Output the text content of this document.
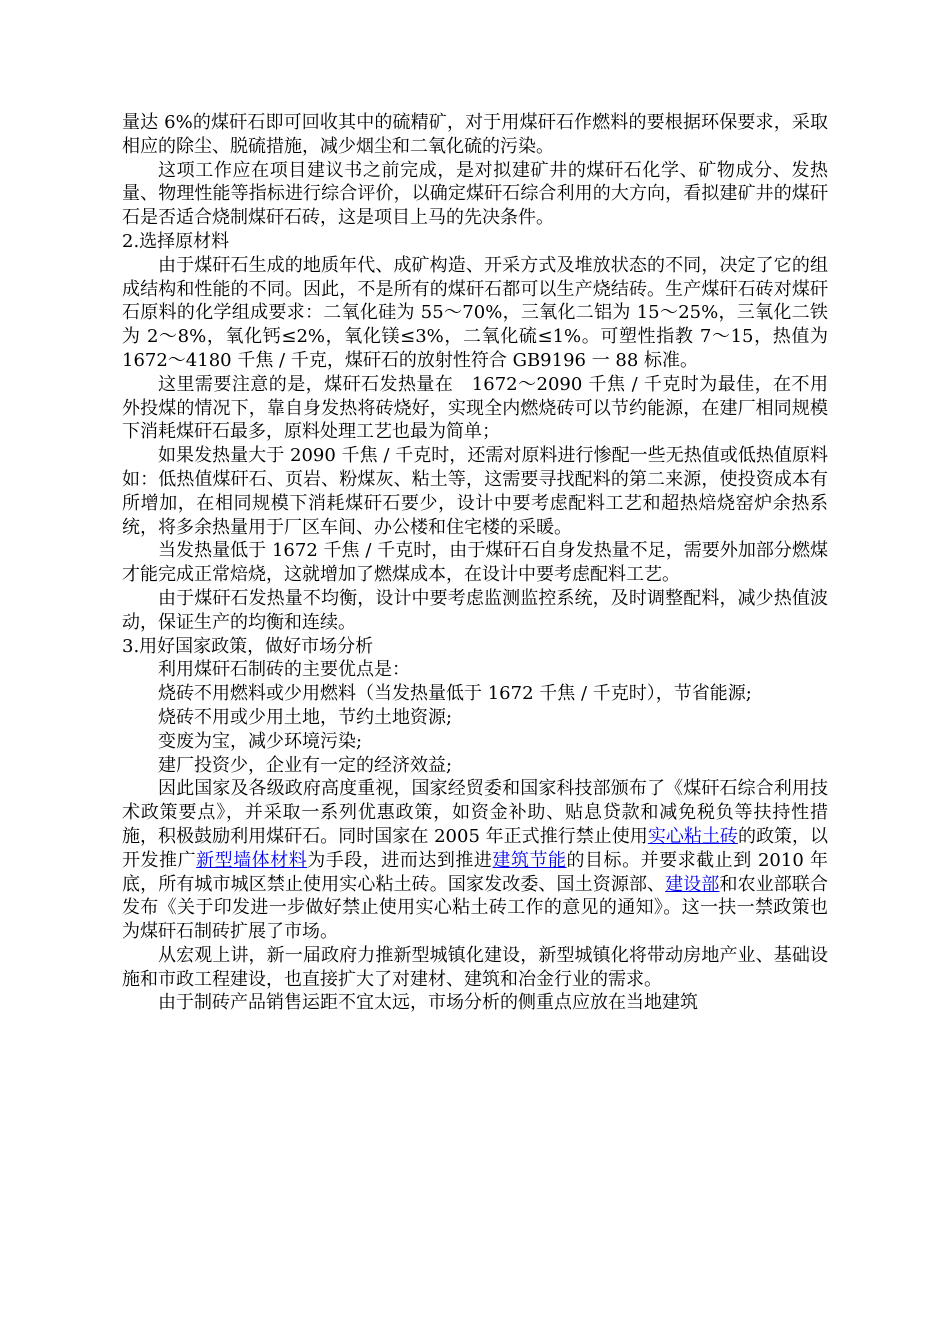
量达 6%的煤矸石即可回收其中的硫精矿，对于用煤矸石作燃料的要根据环保要求，采取相应的除尘、脱硫措施，减少烟尘和二氧化硫的污染。

这项工作应在项目建议书之前完成，是对拟建矿井的煤矸石化学、矿物成分、发热量、物理性能等指标进行综合评价，以确定煤矸石综合利用的大方向，看拟建矿井的煤矸石是否适合烧制煤矸石砖，这是项目上马的先决条件。

2.选择原材料

由于煤矸石生成的地质年代、成矿构造、开采方式及堆放状态的不同，决定了它的组成结构和性能的不同。因此，不是所有的煤矸石都可以生产烧结砖。生产煤矸石砖对煤矸石原料的化学组成要求：二氧化硅为 55～70%，三氧化二铝为 15～25%，三氧化二铁为 2～8%，氧化钙≤2%，氧化镁≤3%，二氧化硫≤1%。可塑性指教 7～15，热值为 1672～4180 千焦 / 千克，煤矸石的放射性符合 GB9196 一 88 标准。

这里需要注意的是，煤矸石发热量在　1672～2090 千焦 / 千克时为最佳，在不用外投煤的情况下，靠自身发热将砖烧好，实现全内燃烧砖可以节约能源，在建厂相同规模下消耗煤矸石最多，原料处理工艺也最为简单；

如果发热量大于 2090 千焦 / 千克时，还需对原料进行惨配一些无热值或低热值原料如：低热值煤矸石、页岩、粉煤灰、粘土等，这需要寻找配料的第二来源，使投资成本有所增加，在相同规模下消耗煤矸石要少，设计中要考虑配料工艺和超热焙烧窑炉余热系统，将多余热量用于厂区车间、办公楼和住宅楼的采暖。

当发热量低于 1672 千焦 / 千克时，由于煤矸石自身发热量不足，需要外加部分燃煤才能完成正常焙烧，这就增加了燃煤成本，在设计中要考虑配料工艺。

由于煤矸石发热量不均衡，设计中要考虑监测监控系统，及时调整配料，减少热值波动，保证生产的均衡和连续。

3.用好国家政策，做好市场分析

利用煤矸石制砖的主要优点是：

烧砖不用燃料或少用燃料（当发热量低于 1672 千焦 / 千克时），节省能源;

烧砖不用或少用土地，节约土地资源;

变废为宝，减少环境污染;

建厂投资少，企业有一定的经济效益;

因此国家及各级政府高度重视，国家经贸委和国家科技部颁布了《煤矸石综合利用技术政策要点》，并采取一系列优惠政策，如资金补助、贴息贷款和减免税负等扶持性措施，积极鼓励利用煤矸石。同时国家在 2005 年正式推行禁止使用实心粘土砖的政策，以开发推广新型墙体材料为手段，进而达到推进建筑节能的目标。并要求截止到 2010 年底，所有城市城区禁止使用实心粘土砖。国家发改委、国土资源部、建设部和农业部联合发布《关于印发进一步做好禁止使用实心粘土砖工作的意见的通知》。这一扶一禁政策也为煤矸石制砖扩展了市场。

从宏观上讲，新一届政府力推新型城镇化建设，新型城镇化将带动房地产业、基础设施和市政工程建设，也直接扩大了对建材、建筑和冶金行业的需求。

由于制砖产品销售运距不宜太远，市场分析的侧重点应放在当地建筑
